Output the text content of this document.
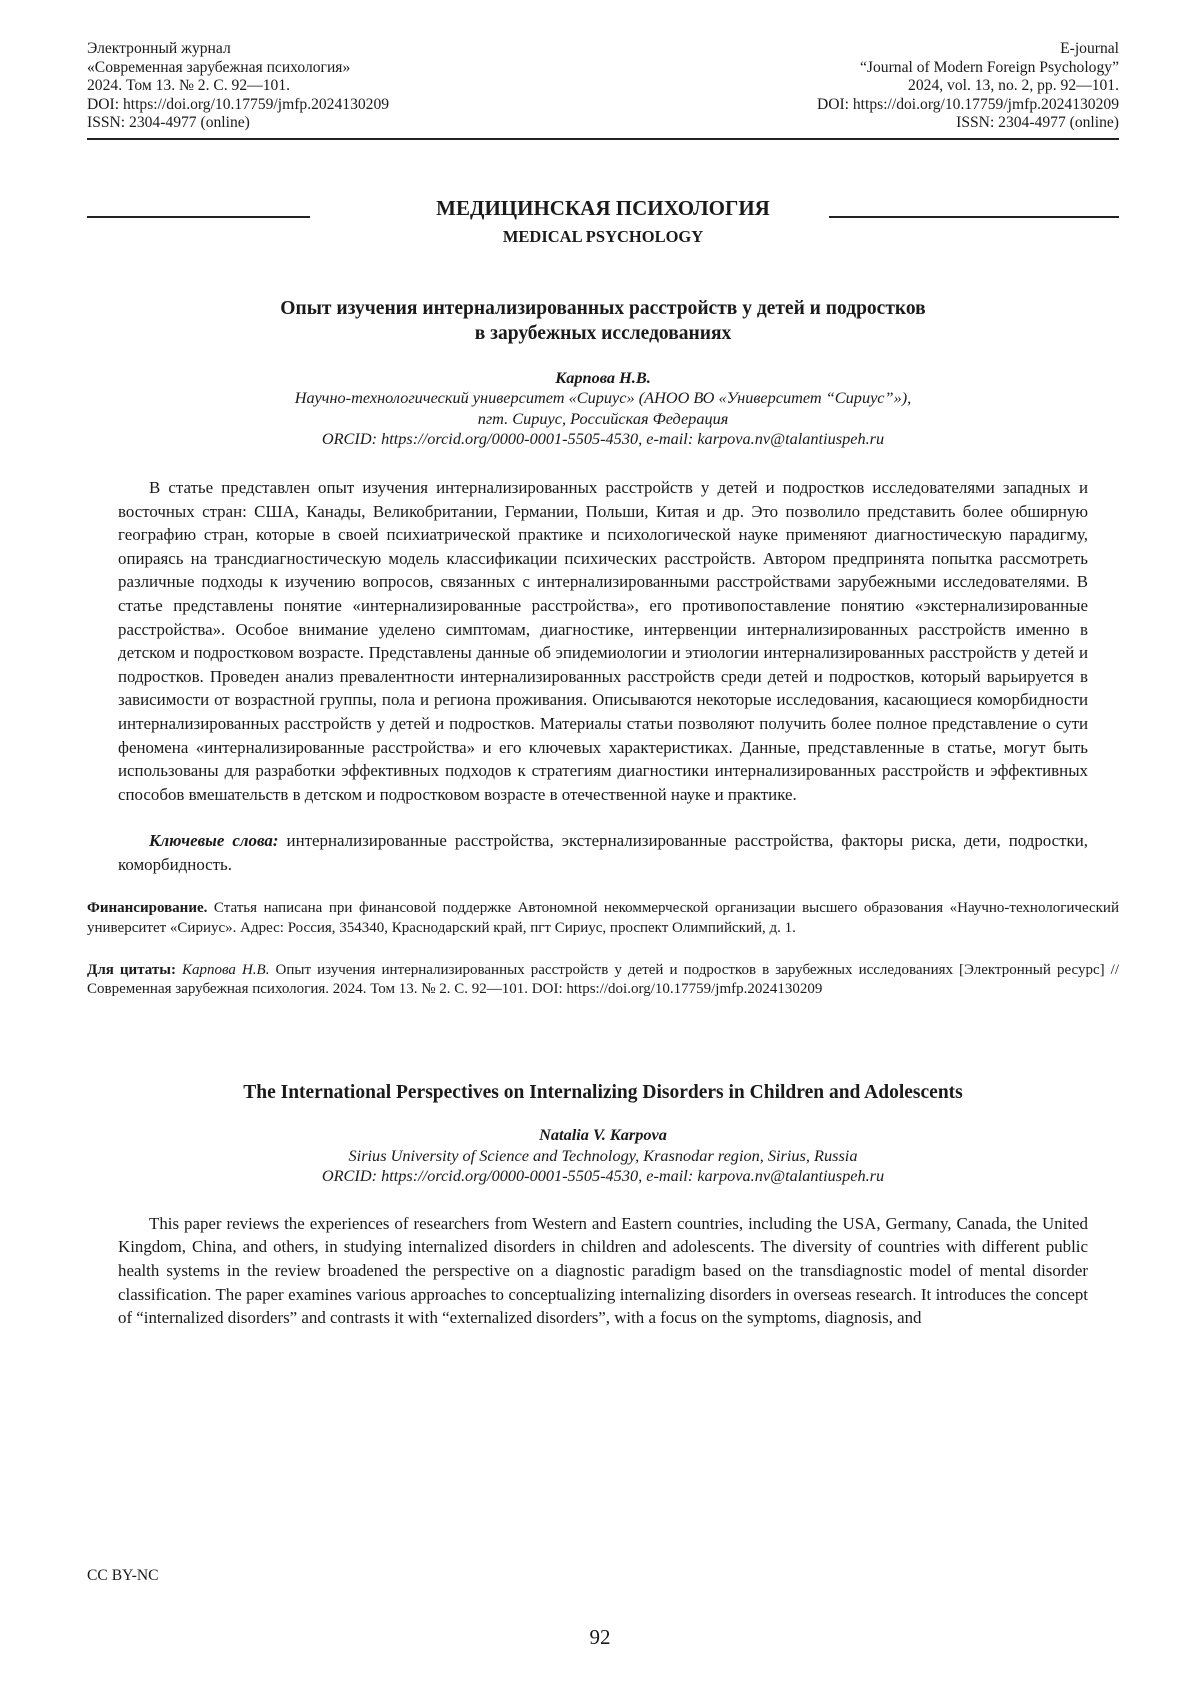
Электронный журнал
«Современная зарубежная психология»
2024. Том 13. № 2. С. 92—101.
DOI: https://doi.org/10.17759/jmfp.2024130209
ISSN: 2304-4977 (online)
E-journal
“Journal of Modern Foreign Psychology”
2024, vol. 13, no. 2, pp. 92—101.
DOI: https://doi.org/10.17759/jmfp.2024130209
ISSN: 2304-4977 (online)
МЕДИЦИНСКАЯ ПСИХОЛОГИЯ
MEDICAL PSYCHOLOGY
Опыт изучения интернализированных расстройств у детей и подростков
в зарубежных исследованиях
Карпова Н.В.
Научно-технологический университет «Сириус» (АНОО ВО «Университет “Сириус”»),
пгт. Сириус, Российская Федерация
ORCID: https://orcid.org/0000-0001-5505-4530, e-mail: karpova.nv@talantiuspeh.ru
В статье представлен опыт изучения интернализированных расстройств у детей и подростков исследователями западных и восточных стран: США, Канады, Великобритании, Германии, Польши, Китая и др. Это позволило представить более обширную географию стран, которые в своей психиатрической практике и психологической науке применяют диагностическую парадигму, опираясь на трансдиагностическую модель классификации психических расстройств. Автором предпринята попытка рассмотреть различные подходы к изучению вопросов, связанных с интернализированными расстройствами зарубежными исследователями. В статье представлены понятие «интернализированные расстройства», его противопоставление понятию «экстернализированные расстройства». Особое внимание уделено симптомам, диагностике, интервенции интернализированных расстройств именно в детском и подростковом возрасте. Представлены данные об эпидемиологии и этиологии интернализированных расстройств у детей и подростков. Проведен анализ превалентности интернализированных расстройств среди детей и подростков, который варьируется в зависимости от возрастной группы, пола и региона проживания. Описываются некоторые исследования, касающиеся коморбидности интернализированных расстройств у детей и подростков. Материалы статьи позволяют получить более полное представление о сути феномена «интернализированные расстройства» и его ключевых характеристиках. Данные, представленные в статье, могут быть использованы для разработки эффективных подходов к стратегиям диагностики интернализированных расстройств и эффективных способов вмешательств в детском и подростковом возрасте в отечественной науке и практике.
Ключевые слова: интернализированные расстройства, экстернализированные расстройства, факторы риска, дети, подростки, коморбидность.
Финансирование. Статья написана при финансовой поддержке Автономной некоммерческой организации высшего образования «Научно-технологический университет «Сириус». Адрес: Россия, 354340, Краснодарский край, пгт Сириус, проспект Олимпийский, д. 1.
Для цитаты: Карпова Н.В. Опыт изучения интернализированных расстройств у детей и подростков в зарубежных исследованиях [Электронный ресурс] // Современная зарубежная психология. 2024. Том 13. № 2. С. 92—101. DOI: https://doi.org/10.17759/jmfp.2024130209
The International Perspectives on Internalizing Disorders in Children and Adolescents
Natalia V. Karpova
Sirius University of Science and Technology, Krasnodar region, Sirius, Russia
ORCID: https://orcid.org/0000-0001-5505-4530, e-mail: karpova.nv@talantiuspeh.ru
This paper reviews the experiences of researchers from Western and Eastern countries, including the USA, Germany, Canada, the United Kingdom, China, and others, in studying internalized disorders in children and adolescents. The diversity of countries with different public health systems in the review broadened the perspective on a diagnostic paradigm based on the transdiagnostic model of mental disorder classification. The paper examines various approaches to conceptualizing internalizing disorders in overseas research. It introduces the concept of “internalized disorders” and contrasts it with “externalized disorders”, with a focus on the symptoms, diagnosis, and
CC BY-NC
92
